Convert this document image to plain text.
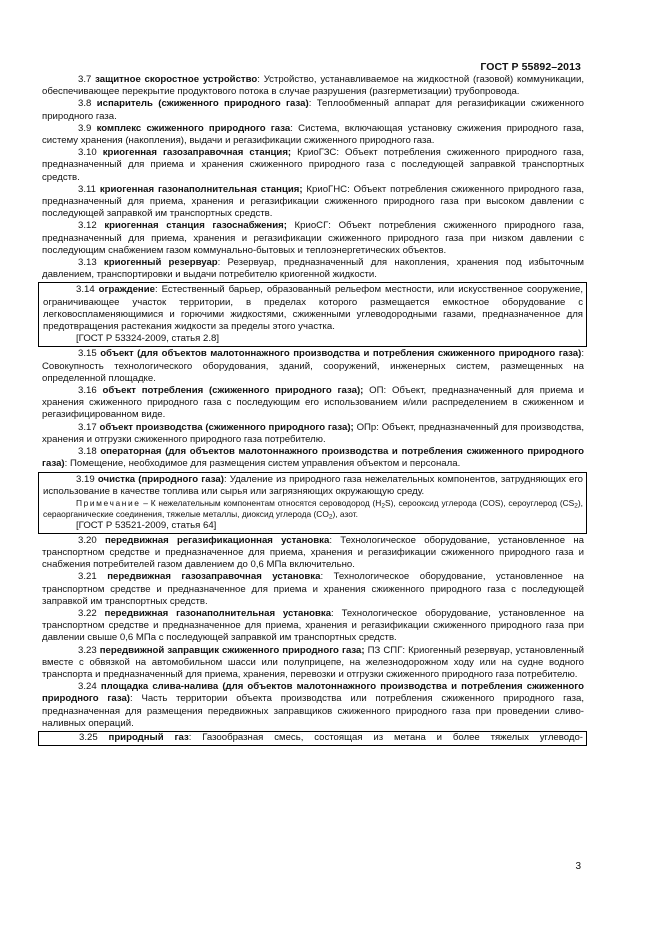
ГОСТ Р 55892–2013

3.7 защитное скоростное устройство: Устройство, устанавливаемое на жидкостной (газовой) коммуникации, обеспечивающее перекрытие продуктового потока в случае разрушения (разгерметизации) трубопровода.

3.8 испаритель (сжиженного природного газа): Теплообменный аппарат для регазификации сжиженного природного газа.

3.9 комплекс сжиженного природного газа: Система, включающая установку сжижения природного газа, систему хранения (накопления), выдачи и регазификации сжиженного природного газа.

3.10 криогенная газозаправочная станция; КриоГЗС: Объект потребления сжиженного природного газа, предназначенный для приема и хранения сжиженного природного газа с последующей заправкой транспортных средств.

3.11 криогенная газонаполнительная станция; КриоГНС: Объект потребления сжиженного природного газа, предназначенный для приема, хранения и регазификации сжиженного природного газа при высоком давлении с последующей заправкой им транспортных средств.

3.12 криогенная станция газоснабжения; КриоСГ: Объект потребления сжиженного природного газа, предназначенный для приема, хранения и регазификации сжиженного природного газа при низком давлении с последующим снабжением газом коммунально-бытовых и теплоэнергетических объектов.

3.13 криогенный резервуар: Резервуар, предназначенный для накопления, хранения под избыточным давлением, транспортировки и выдачи потребителю криогенной жидкости.

3.14 ограждение: Естественный барьер, образованный рельефом местности, или искусственное сооружение, ограничивающее участок территории, в пределах которого размещается емкостное оборудование с легковоспламеняющимися и горючими жидкостями, сжиженными углеводородными газами, предназначенное для предотвращения растекания жидкости за пределы этого участка.

[ГОСТ Р 53324-2009, статья 2.8]

3.15 объект (для объектов малотоннажного производства и потребления сжиженного природного газа): Совокупность технологического оборудования, зданий, сооружений, инженерных систем, размещенных на определенной площадке.

3.16 объект потребления (сжиженного природного газа); ОП: Объект, предназначенный для приема и хранения сжиженного природного газа с последующим его использованием и/или распределением в сжиженном и регазифицированном виде.

3.17 объект производства (сжиженного природного газа); ОПр: Объект, предназначенный для производства, хранения и отгрузки сжиженного природного газа потребителю.

3.18 операторная (для объектов малотоннажного производства и потребления сжиженного природного газа): Помещение, необходимое для размещения систем управления объектом и персонала.

3.19 очистка (природного газа): Удаление из природного газа нежелательных компонентов, затрудняющих его использование в качестве топлива или сырья или загрязняющих окружающую среду.

Примечание – К нежелательным компонентам относятся сероводород $(H_2S)$, сероокcид углерода (COS), сероуглерод $(CS_2)$, сераорганические соединения, тяжелые металлы, диоксид углерода $(CO_2)$, азот.

[ГОСТ Р 53521-2009, статья 64]

3.20 передвижная регазификационная установка: Технологическое оборудование, установленное на транспортном средстве и предназначенное для приема, хранения и регазификации сжиженного природного газа и снабжения потребителей газом давлением до 0,6 МПа включительно.

3.21 передвижная газозаправочная установка: Технологическое оборудование, установленное на транспортном средстве и предназначенное для приема и хранения сжиженного природного газа с последующей заправкой им транспортных средств.

3.22 передвижная газонаполнительная установка: Технологическое оборудование, установленное на транспортном средстве и предназначенное для приема, хранения и регазификации сжиженного природного газа при давлении свыше 0,6 МПа с последующей заправкой им транспортных средств.

3.23 передвижной заправщик сжиженного природного газа; ПЗ СПГ: Криогенный резервуар, установленный вместе с обвязкой на автомобильном шасси или полуприцепе, на железнодорожном ходу или на судне водного транспорта и предназначенный для приема, хранения, перевозки и отгрузки сжиженного природного газа потребителю.

3.24 площадка слива-налива (для объектов малотоннажного производства и потребления сжиженного природного газа): Часть территории объекта производства или потребления сжиженного природного газа, предназначенная для размещения передвижных заправщиков сжиженного природного газа при проведении сливо-наливных операций.

3.25 природный газ: Газообразная смесь, состоящая из метана и более тяжелых углеводо-

3
